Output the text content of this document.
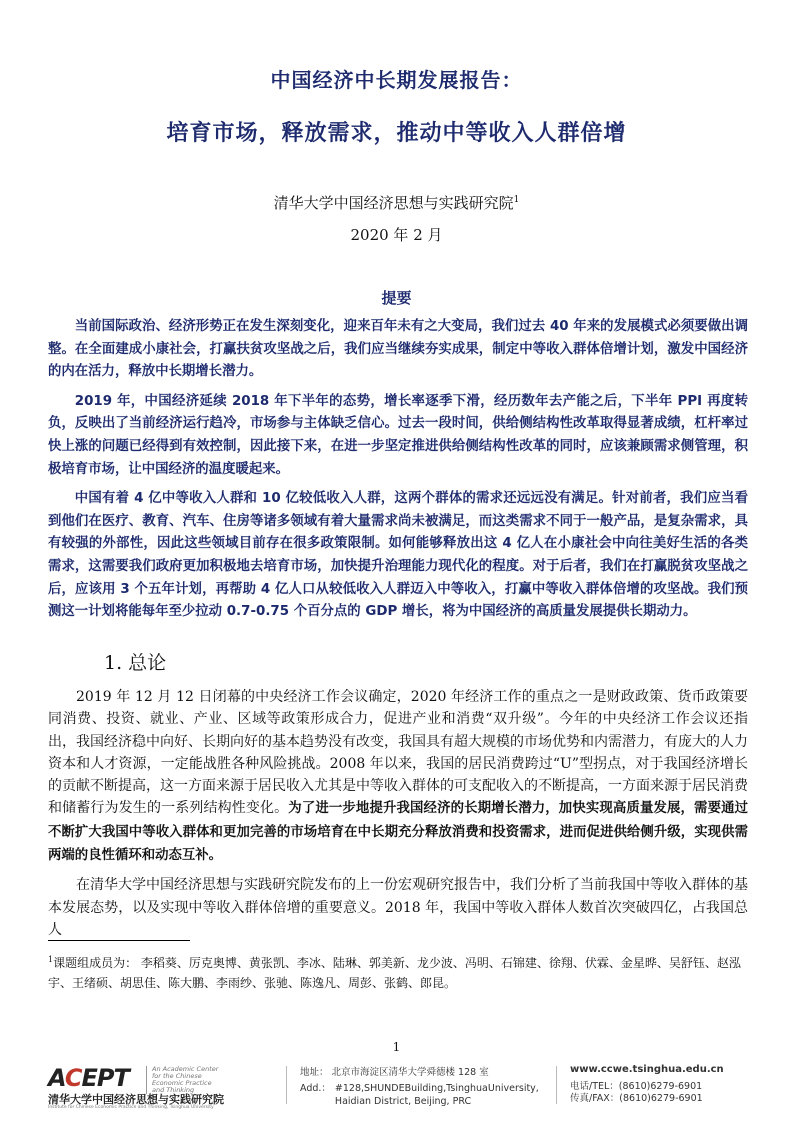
中国经济中长期发展报告：
培育市场，释放需求，推动中等收入人群倍增
清华大学中国经济思想与实践研究院$^1$
2020 年 2 月
提要

当前国际政治、经济形势正在发生深刻变化，迎来百年未有之大变局，我们过去 40 年来的发展模式必须要做出调整。在全面建成小康社会，打赢扶贫攻坚战之后，我们应当继续夯实成果，制定中等收入群体倍增计划，激发中国经济的内在活力，释放中长期增长潜力。

2019 年，中国经济延续 2018 年下半年的态势，增长率逐季下滑，经历数年去产能之后，下半年 PPI 再度转负，反映出了当前经济运行趋冷，市场参与主体缺乏信心。过去一段时间，供给侧结构性改革取得显著成绩，杠杆率过快上涨的问题已经得到有效控制，因此接下来，在进一步坚定推进供给侧结构性改革的同时，应该兼顾需求侧管理，积极培育市场，让中国经济的温度暖起来。

中国有着 4 亿中等收入人群和 10 亿较低收入人群，这两个群体的需求还远远没有满足。针对前者，我们应当看到他们在医疗、教育、汽车、住房等诸多领域有着大量需求尚未被满足，而这类需求不同于一般产品，是复杂需求，具有较强的外部性，因此这些领域目前存在很多政策限制。如何能够释放出这 4 亿人在小康社会中向往美好生活的各类需求，这需要我们政府更加积极地去培育市场，加快提升治理能力现代化的程度。对于后者，我们在打赢脱贫攻坚战之后，应该用 3 个五年计划，再帮助 4 亿人口从较低收入人群迈入中等收入，打赢中等收入群体倍增的攻坚战。我们预测这一计划将能每年至少拉动 0.7-0.75 个百分点的 GDP 增长，将为中国经济的高质量发展提供长期动力。

1. 总论

2019 年 12 月 12 日闭幕的中央经济工作会议确定，2020 年经济工作的重点之一是财政政策、货币政策要同消费、投资、就业、产业、区域等政策形成合力，促进产业和消费“双升级”。今年的中央经济工作会议还指出，我国经济稳中向好、长期向好的基本趋势没有改变，我国具有超大规模的市场优势和内需潜力，有庞大的人力资本和人才资源，一定能战胜各种风险挑战。2008 年以来，我国的居民消费跨过“U”型拐点，对于我国经济增长的贡献不断提高，这一方面来源于居民收入尤其是中等收入群体的可支配收入的不断提高，一方面来源于居民消费和储蓄行为发生的一系列结构性变化。为了进一步地提升我国经济的长期增长潜力，加快实现高质量发展，需要通过不断扩大我国中等收入群体和更加完善的市场培育在中长期充分释放消费和投资需求，进而促进供给侧升级，实现供需两端的良性循环和动态互补。

在清华大学中国经济思想与实践研究院发布的上一份宏观研究报告中，我们分析了当前我国中等收入群体的基本发展态势，以及实现中等收入群体倍增的重要意义。2018 年，我国中等收入群体人数首次突破四亿，占我国总人

$^1$课题组成员为： 李稻葵、厉克奥博、黄张凯、李冰、陆琳、郭美新、龙少波、冯明、石锦建、徐翔、伏霖、金星晔、吴舒钰、赵泓宇、王绪硕、胡思佳、陈大鹏、李雨纱、张驰、陈逸凡、周彭、张鹤、郎昆。
1
ACEPT	An Academic Center for the Chinese Economic Practice and Thinking
清华大学中国经济思想与实践研究院
Institute for Chinese Economic Practice and Thinking, Tsinghua University
地址： 北京市海淀区清华大学舜德楼 128 室
Add.： #128,SHUNDEBuilding,TsinghuaUniversity,
Haidian District, Beijing, PRC
www.ccwe.tsinghua.edu.cn
电话/TEL：(8610)6279-6901
传真/FAX：(8610)6279-6901
